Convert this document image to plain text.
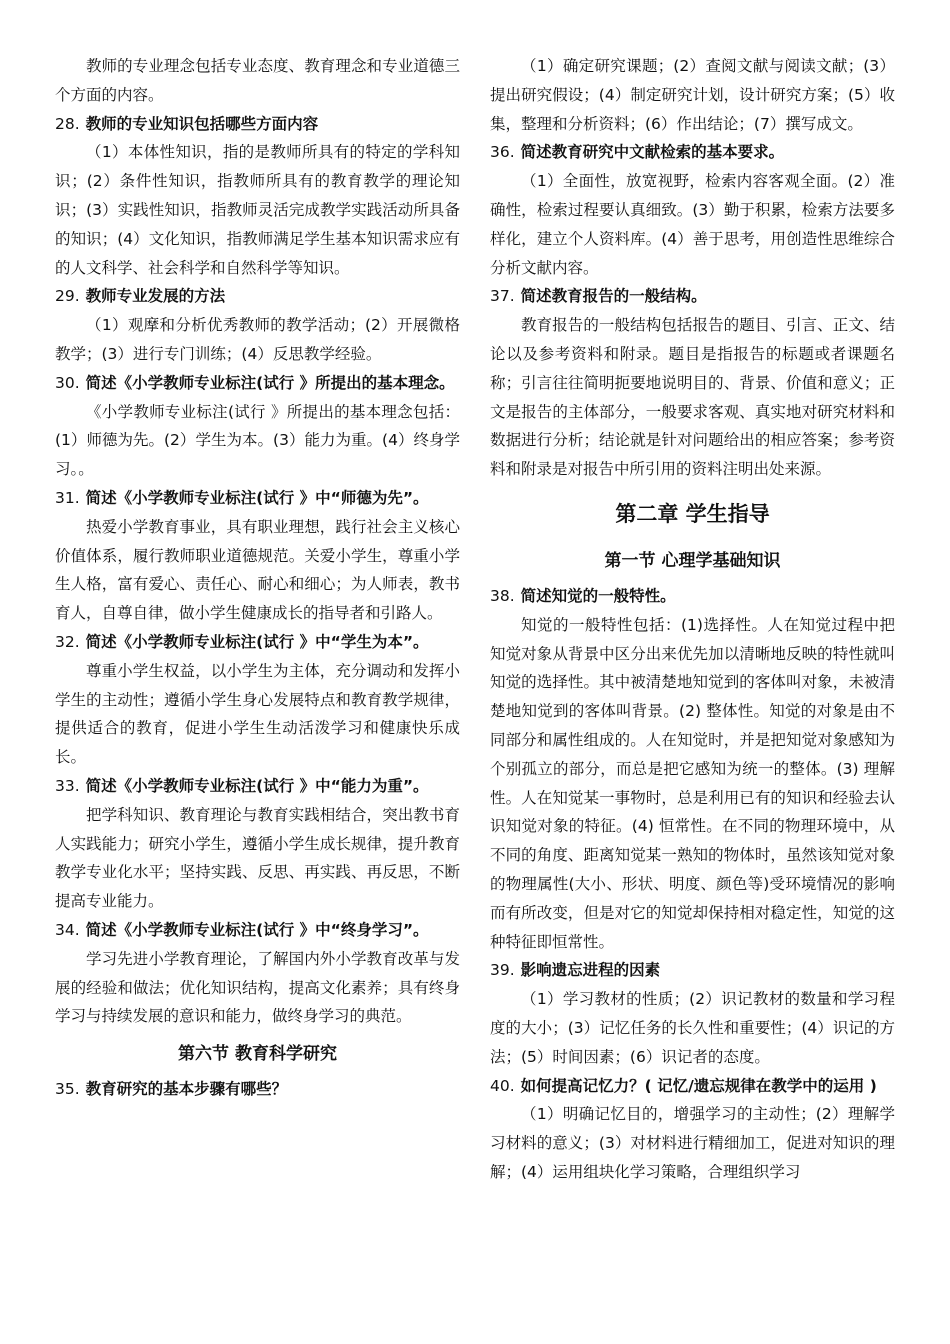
教师的专业理念包括专业态度、教育理念和专业道德三个方面的内容。

28. 教师的专业知识包括哪些方面内容

（1）本体性知识，指的是教师所具有的特定的学科知识；(2）条件性知识，指教师所具有的教育教学的理论知识；(3）实践性知识，指教师灵活完成教学实践活动所具备的知识；(4）文化知识，指教师满足学生基本知识需求应有的人文科学、社会科学和自然科学等知识。

29. 教师专业发展的方法

（1）观摩和分析优秀教师的教学活动；(2）开展微格教学；(3）进行专门训练；(4）反思教学经验。

30. 简述《小学教师专业标注(试行 》所提出的基本理念。

《小学教师专业标注(试行 》所提出的基本理念包括：(1）师德为先。(2）学生为本。(3）能力为重。(4）终身学习。。

31. 简述《小学教师专业标注(试行 》中“师德为先”。

热爱小学教育事业，具有职业理想，践行社会主义核心价值体系，履行教师职业道德规范。关爱小学生，尊重小学生人格，富有爱心、责任心、耐心和细心；为人师表，教书育人，自尊自律，做小学生健康成长的指导者和引路人。

32. 简述《小学教师专业标注(试行 》中“学生为本”。

尊重小学生权益，以小学生为主体，充分调动和发挥小学生的主动性；遵循小学生身心发展特点和教育教学规律，提供适合的教育，促进小学生生动活泼学习和健康快乐成长。

33. 简述《小学教师专业标注(试行 》中“能力为重”。

把学科知识、教育理论与教育实践相结合，突出教书育人实践能力；研究小学生，遵循小学生成长规律，提升教育教学专业化水平；坚持实践、反思、再实践、再反思，不断提高专业能力。

34. 简述《小学教师专业标注(试行 》中“终身学习”。

学习先进小学教育理论，了解国内外小学教育改革与发展的经验和做法；优化知识结构，提高文化素养；具有终身学习与持续发展的意识和能力，做终身学习的典范。

第六节 教育科学研究

35. 教育研究的基本步骤有哪些？

（1）确定研究课题；(2）查阅文献与阅读文献；(3）提出研究假设；(4）制定研究计划，设计研究方案；(5）收集，整理和分析资料；(6）作出结论；(7）撰写成文。

36. 简述教育研究中文献检索的基本要求。

（1）全面性，放宽视野，检索内容客观全面。(2）准确性，检索过程要认真细致。(3）勤于积累，检索方法要多样化，建立个人资料库。(4）善于思考，用创造性思维综合分析文献内容。

37. 简述教育报告的一般结构。

教育报告的一般结构包括报告的题目、引言、正文、结论以及参考资料和附录。题目是指报告的标题或者课题名称；引言往往简明扼要地说明目的、背景、价值和意义；正文是报告的主体部分，一般要求客观、真实地对研究材料和数据进行分析；结论就是针对问题给出的相应答案；参考资料和附录是对报告中所引用的资料注明出处来源。

第二章 学生指导
第一节 心理学基础知识

38. 简述知觉的一般特性。

知觉的一般特性包括：(1)选择性。人在知觉过程中把知觉对象从背景中区分出来优先加以清晰地反映的特性就叫知觉的选择性。其中被清楚地知觉到的客体叫对象，未被清楚地知觉到的客体叫背景。(2) 整体性。知觉的对象是由不同部分和属性组成的。人在知觉时，并是把知觉对象感知为个别孤立的部分，而总是把它感知为统一的整体。(3) 理解性。人在知觉某一事物时，总是利用已有的知识和经验去认识知觉对象的特征。(4) 恒常性。在不同的物理环境中，从不同的角度、距离知觉某一熟知的物体时，虽然该知觉对象的物理属性(大小、形状、明度、颜色等)受环境情况的影响而有所改变，但是对它的知觉却保持相对稳定性，知觉的这种特征即恒常性。

39. 影响遗忘进程的因素

（1）学习教材的性质；(2）识记教材的数量和学习程度的大小；(3）记忆任务的长久性和重要性；(4）识记的方法；(5）时间因素；(6）识记者的态度。

40. 如何提高记忆力？( 记忆/遗忘规律在教学中的运用 )

（1）明确记忆目的，增强学习的主动性；(2）理解学习材料的意义；(3）对材料进行精细加工，促进对知识的理解；(4）运用组块化学习策略，合理组织学习
